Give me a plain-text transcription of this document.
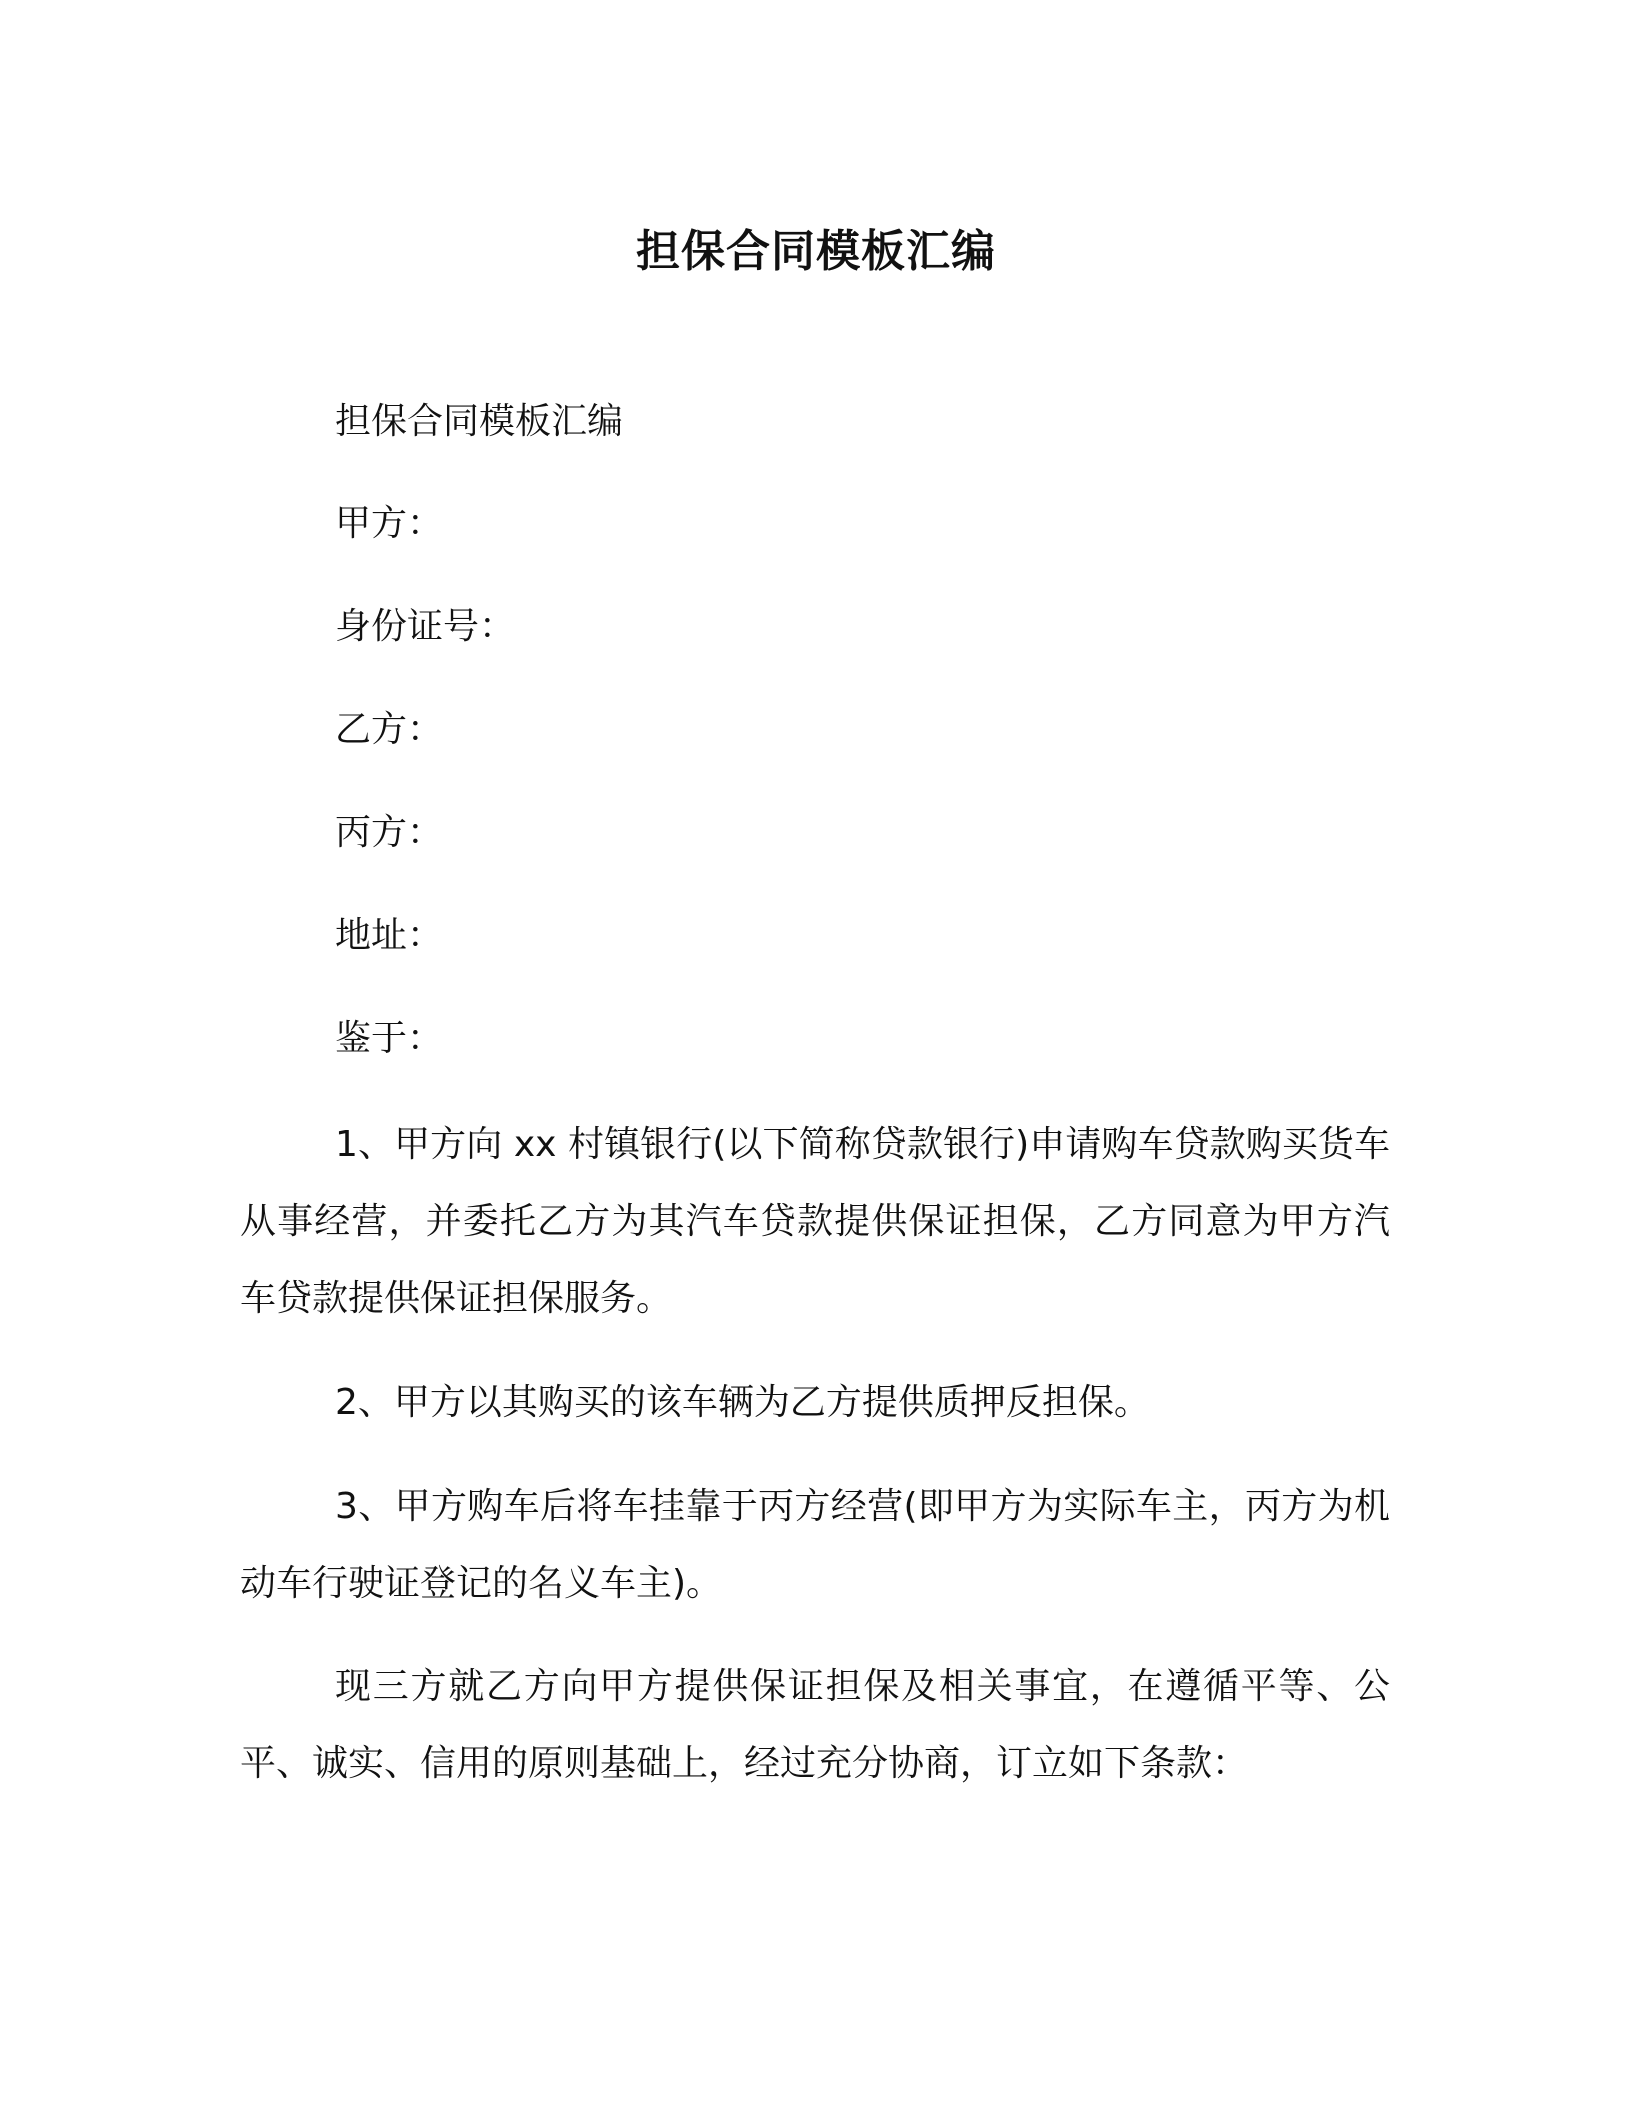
担保合同模板汇编

担保合同模板汇编

甲方：

身份证号：

乙方：

丙方：

地址：

鉴于：

1、甲方向 xx 村镇银行(以下简称贷款银行)申请购车贷款购买货车从事经营，并委托乙方为其汽车贷款提供保证担保，乙方同意为甲方汽车贷款提供保证担保服务。

2、甲方以其购买的该车辆为乙方提供质押反担保。

3、甲方购车后将车挂靠于丙方经营(即甲方为实际车主，丙方为机动车行驶证登记的名义车主)。

现三方就乙方向甲方提供保证担保及相关事宜，在遵循平等、公平、诚实、信用的原则基础上，经过充分协商，订立如下条款：
